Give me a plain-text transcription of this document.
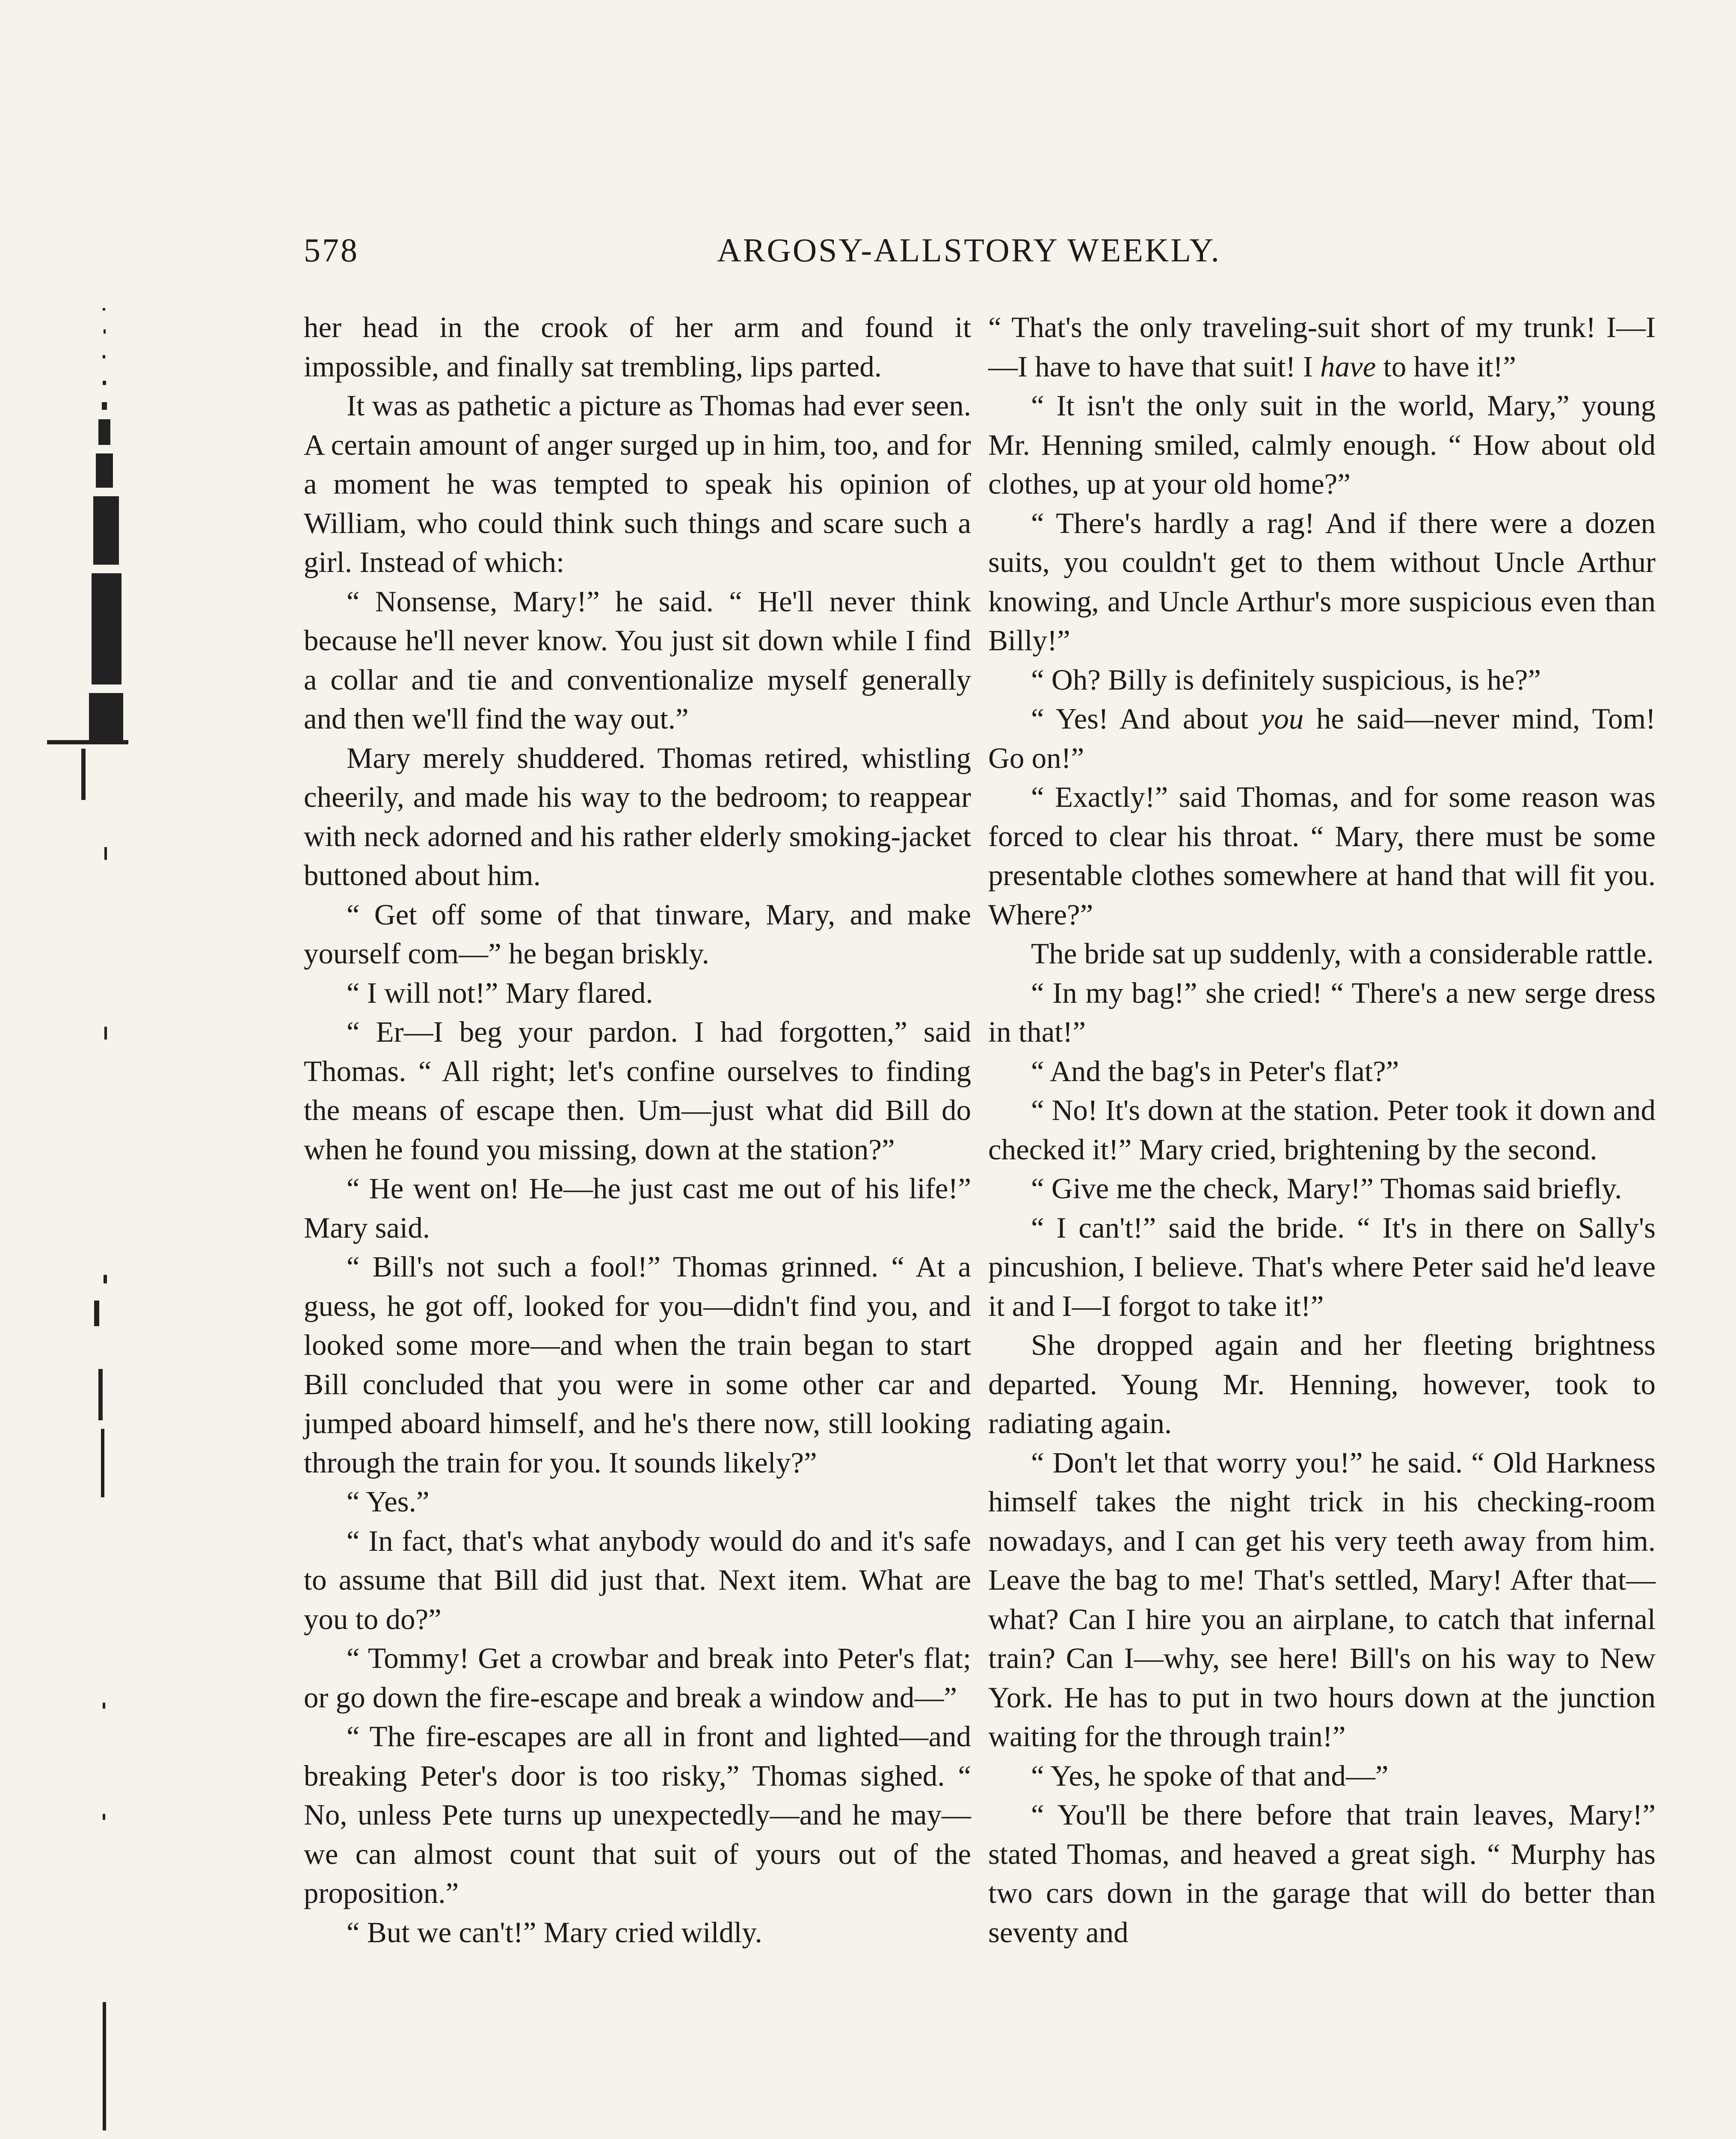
578	ARGOSY-ALLSTORY WEEKLY.

her head in the crook of her arm and found it impossible, and finally sat trembling, lips parted.

It was as pathetic a picture as Thomas had ever seen. A certain amount of anger surged up in him, too, and for a moment he was tempted to speak his opinion of William, who could think such things and scare such a girl. Instead of which:

“ Nonsense, Mary!” he said. “ He'll never think because he'll never know. You just sit down while I find a collar and tie and conventionalize myself generally and then we'll find the way out.”

Mary merely shuddered. Thomas retired, whistling cheerily, and made his way to the bedroom; to reappear with neck adorned and his rather elderly smoking-jacket buttoned about him.

“ Get off some of that tinware, Mary, and make yourself com—” he began briskly.

“ I will not!” Mary flared.

“ Er—I beg your pardon. I had forgotten,” said Thomas. “ All right; let's confine ourselves to finding the means of escape then. Um—just what did Bill do when he found you missing, down at the station?”

“ He went on! He—he just cast me out of his life!” Mary said.

“ Bill's not such a fool!” Thomas grinned. “ At a guess, he got off, looked for you—didn't find you, and looked some more—and when the train began to start Bill concluded that you were in some other car and jumped aboard himself, and he's there now, still looking through the train for you. It sounds likely?”

“ Yes.”

“ In fact, that's what anybody would do and it's safe to assume that Bill did just that. Next item. What are you to do?”

“ Tommy! Get a crowbar and break into Peter's flat; or go down the fire-escape and break a window and—”

“ The fire-escapes are all in front and lighted—and breaking Peter's door is too risky,” Thomas sighed. “ No, unless Pete turns up unexpectedly—and he may—we can almost count that suit of yours out of the proposition.”

“ But we can't!” Mary cried wildly.

“ That's the only traveling-suit short of my trunk! I—I—I have to have that suit! I have to have it!”

“ It isn't the only suit in the world, Mary,” young Mr. Henning smiled, calmly enough. “ How about old clothes, up at your old home?”

“ There's hardly a rag! And if there were a dozen suits, you couldn't get to them without Uncle Arthur knowing, and Uncle Arthur's more suspicious even than Billy!”

“ Oh? Billy is definitely suspicious, is he?”

“ Yes! And about you he said—never mind, Tom! Go on!”

“ Exactly!” said Thomas, and for some reason was forced to clear his throat. “ Mary, there must be some presentable clothes somewhere at hand that will fit you. Where?”

The bride sat up suddenly, with a considerable rattle.

“ In my bag!” she cried! “ There's a new serge dress in that!”

“ And the bag's in Peter's flat?”

“ No! It's down at the station. Peter took it down and checked it!” Mary cried, brightening by the second.

“ Give me the check, Mary!” Thomas said briefly.

“ I can't!” said the bride. “ It's in there on Sally's pincushion, I believe. That's where Peter said he'd leave it and I—I forgot to take it!”

She dropped again and her fleeting brightness departed. Young Mr. Henning, however, took to radiating again.

“ Don't let that worry you!” he said. “ Old Harkness himself takes the night trick in his checking-room nowadays, and I can get his very teeth away from him. Leave the bag to me! That's settled, Mary! After that—what? Can I hire you an airplane, to catch that infernal train? Can I—why, see here! Bill's on his way to New York. He has to put in two hours down at the junction waiting for the through train!”

“ Yes, he spoke of that and—”

“ You'll be there before that train leaves, Mary!” stated Thomas, and heaved a great sigh. “ Murphy has two cars down in the garage that will do better than seventy and
